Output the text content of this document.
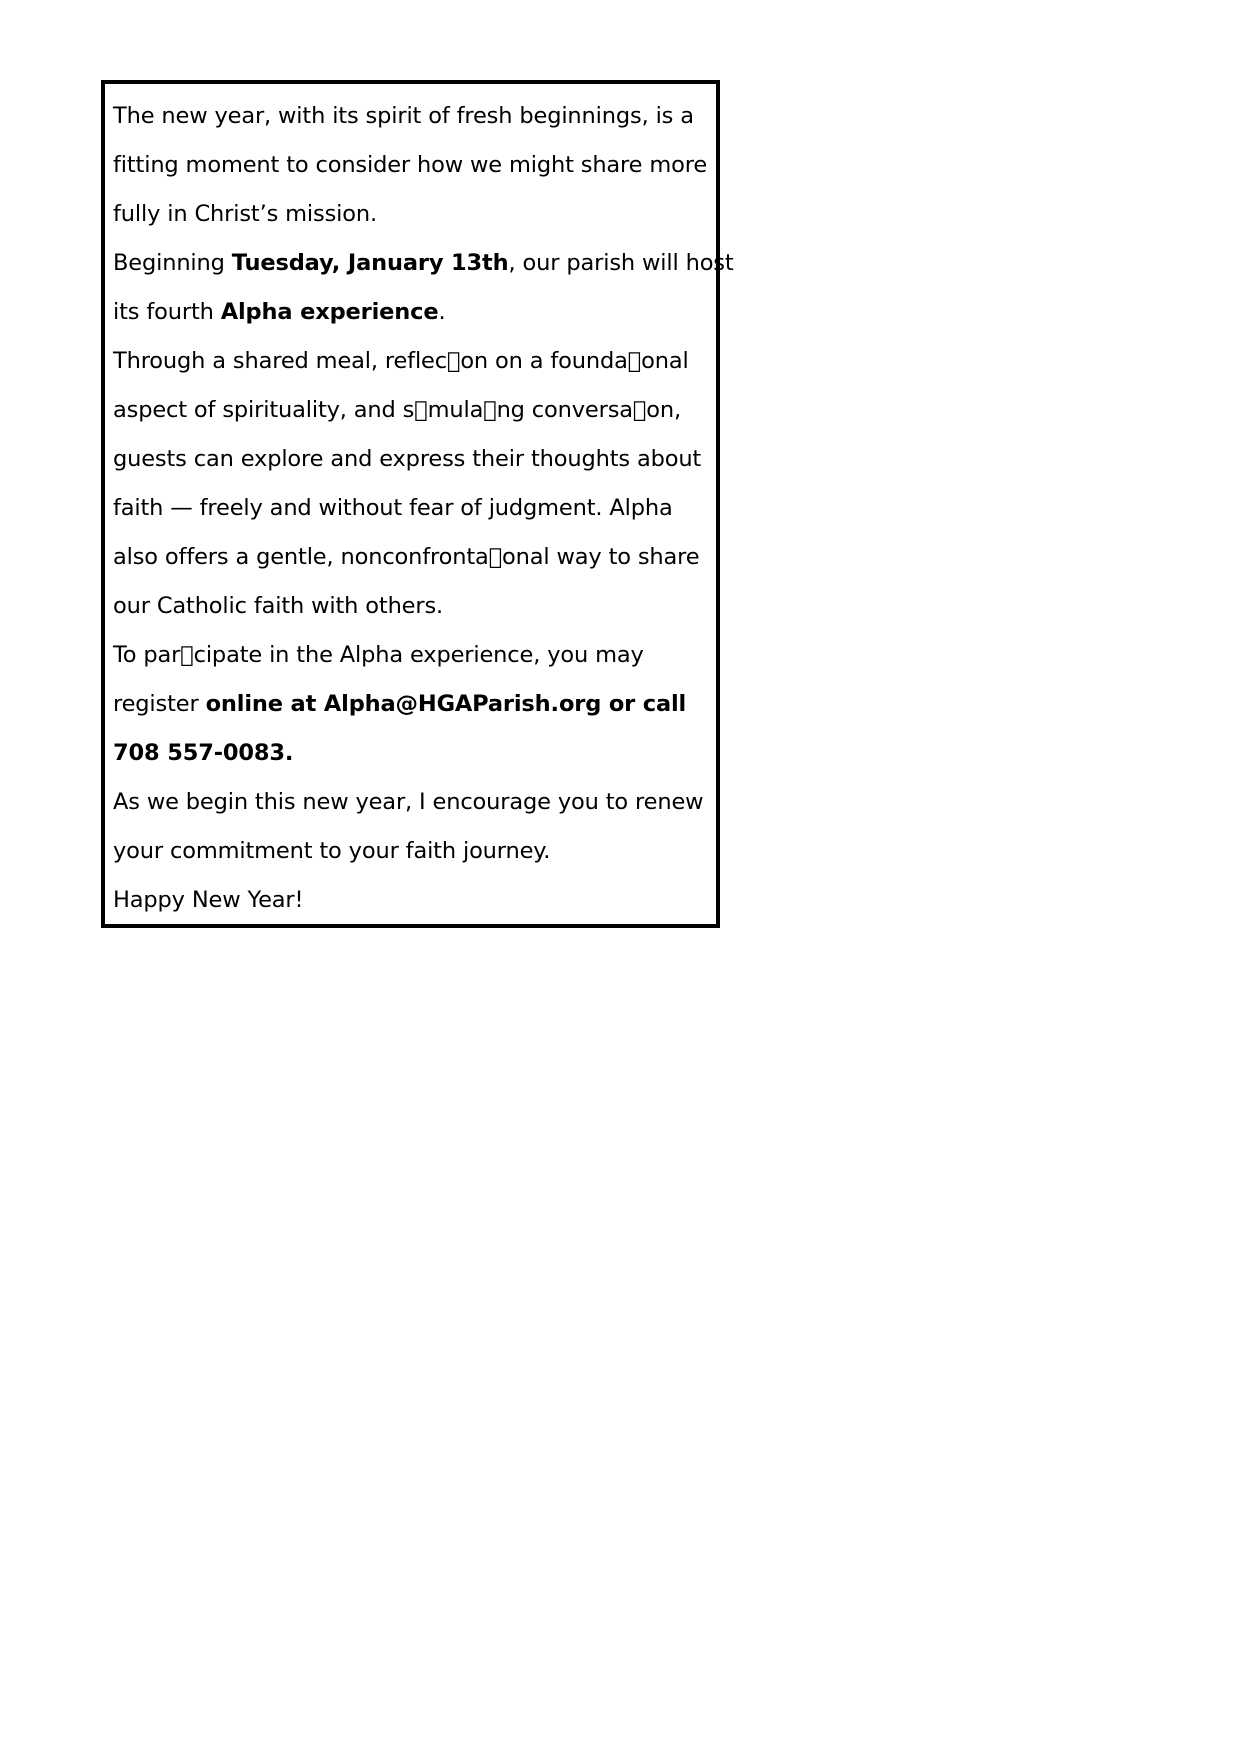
The new year, with its spirit of fresh beginnings, is a
fitting moment to consider how we might share more
fully in Christ’s mission.
Beginning Tuesday, January 13th, our parish will host
its fourth Alpha experience.
Through a shared meal, reflec on on a founda onal
aspect of spirituality, and s mula ng conversa on,
guests can explore and express their thoughts about
faith — freely and without fear of judgment. Alpha
also offers a gentle, nonconfronta onal way to share
our Catholic faith with others.
To par cipate in the Alpha experience, you may
register online at Alpha@HGAParish.org or call
708 557-0083.
As we begin this new year, I encourage you to renew
your commitment to your faith journey.
Happy New Year!
